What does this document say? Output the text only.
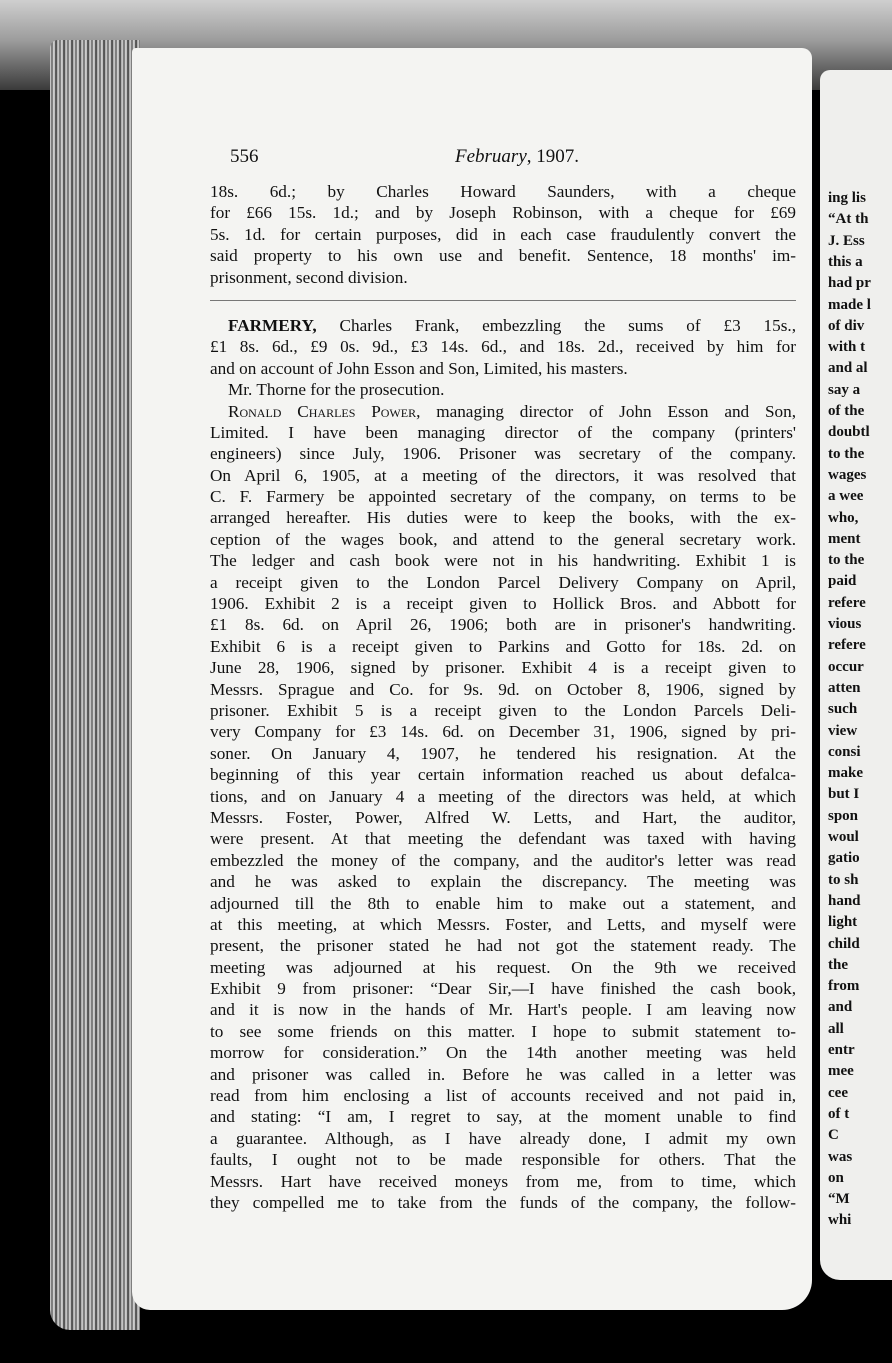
ing lis
“At th
J. Ess
this a
had pr
made l
of div
with t
and al
say a
of the
doubtl
to the
wages
a wee
who,
ment
to the
paid
refere
vious
refere
occur
atten
such
view
consi
make
but I
spon
woul
gatio
to sh
hand
light
child
the
from
and
all
entr
mee
cee
of t
C
was
on
“M
whi
556	February, 1907.
18s. 6d.; by Charles Howard Saunders, with a cheque
for £66 15s. 1d.; and by Joseph Robinson, with a cheque for £69
5s. 1d. for certain purposes, did in each case fraudulently convert the
said property to his own use and benefit. Sentence, 18 months' im-
prisonment, second division.
FARMERY, Charles Frank, embezzling the sums of £3 15s.,
£1 8s. 6d., £9 0s. 9d., £3 14s. 6d., and 18s. 2d., received by him for
and on account of John Esson and Son, Limited, his masters.
Mr. Thorne for the prosecution.
Ronald Charles Power, managing director of John Esson and Son,
Limited. I have been managing director of the company (printers'
engineers) since July, 1906. Prisoner was secretary of the company.
On April 6, 1905, at a meeting of the directors, it was resolved that
C. F. Farmery be appointed secretary of the company, on terms to be
arranged hereafter. His duties were to keep the books, with the ex-
ception of the wages book, and attend to the general secretary work.
The ledger and cash book were not in his handwriting. Exhibit 1 is
a receipt given to the London Parcel Delivery Company on April,
1906. Exhibit 2 is a receipt given to Hollick Bros. and Abbott for
£1 8s. 6d. on April 26, 1906; both are in prisoner's handwriting.
Exhibit 6 is a receipt given to Parkins and Gotto for 18s. 2d. on
June 28, 1906, signed by prisoner. Exhibit 4 is a receipt given to
Messrs. Sprague and Co. for 9s. 9d. on October 8, 1906, signed by
prisoner. Exhibit 5 is a receipt given to the London Parcels Deli-
very Company for £3 14s. 6d. on December 31, 1906, signed by pri-
soner. On January 4, 1907, he tendered his resignation. At the
beginning of this year certain information reached us about defalca-
tions, and on January 4 a meeting of the directors was held, at which
Messrs. Foster, Power, Alfred W. Letts, and Hart, the auditor,
were present. At that meeting the defendant was taxed with having
embezzled the money of the company, and the auditor's letter was read
and he was asked to explain the discrepancy. The meeting was
adjourned till the 8th to enable him to make out a statement, and
at this meeting, at which Messrs. Foster, and Letts, and myself were
present, the prisoner stated he had not got the statement ready. The
meeting was adjourned at his request. On the 9th we received
Exhibit 9 from prisoner: “Dear Sir,—I have finished the cash book,
and it is now in the hands of Mr. Hart's people. I am leaving now
to see some friends on this matter. I hope to submit statement to-
morrow for consideration.” On the 14th another meeting was held
and prisoner was called in. Before he was called in a letter was
read from him enclosing a list of accounts received and not paid in,
and stating: “I am, I regret to say, at the moment unable to find
a guarantee. Although, as I have already done, I admit my own
faults, I ought not to be made responsible for others. That the
Messrs. Hart have received moneys from me, from to time, which
they compelled me to take from the funds of the company, the follow-
